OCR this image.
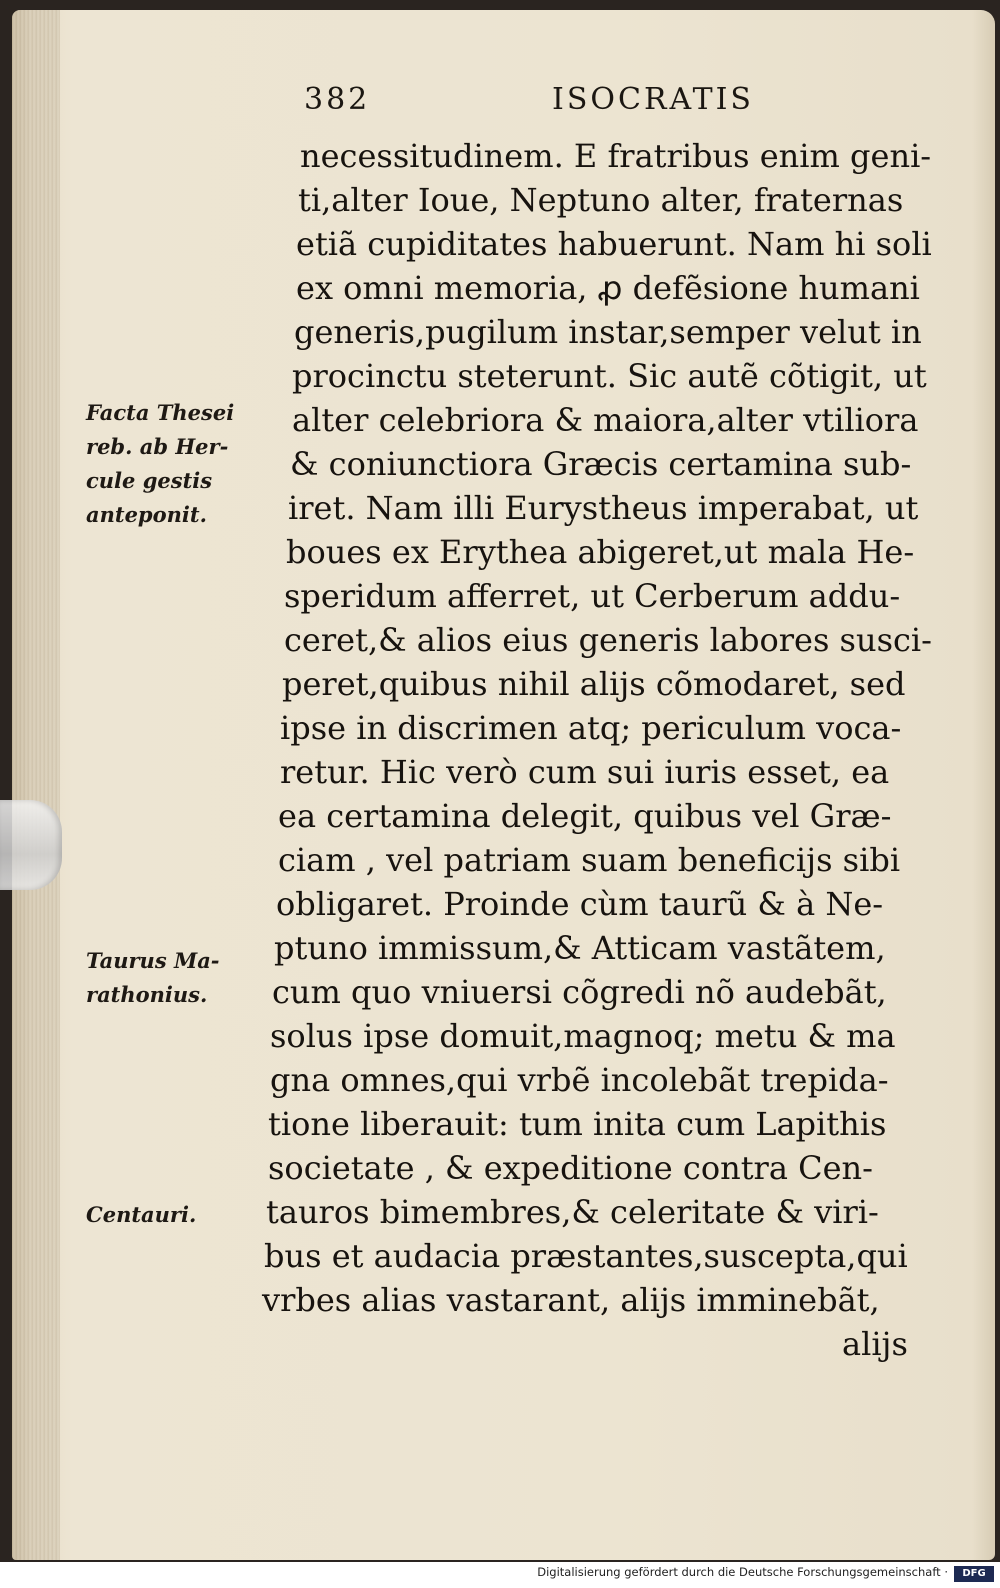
382	ISOCRATIS
necessitudinem. E fratribus enim geni-
ti,alter Ioue, Neptuno alter, fraternas
etiã cupiditates habuerunt. Nam hi soli
ex omni memoria, ꝓ defẽsione humani
generis,pugilum instar,semper velut in
procinctu steterunt. Sic autẽ cõtigit, ut
alter celebriora & maiora,alter vtiliora
& coniunctiora Græcis certamina sub-
iret. Nam illi Eurystheus imperabat, ut
boues ex Erythea abigeret,ut mala He-
speridum afferret, ut Cerberum addu-
ceret,& alios eius generis labores susci-
peret,quibus nihil alijs cõmodaret, sed
ipse in discrimen atq; periculum voca-
retur. Hic verò cum sui iuris esset, ea
ea certamina delegit, quibus vel Græ-
ciam , vel patriam suam beneficijs sibi
obligaret. Proinde cùm taurũ & à Ne-
ptuno immissum,& Atticam vastãtem,
cum quo vniuersi cõgredi nõ audebãt,
solus ipse domuit,magnoq; metu & ma
gna omnes,qui vrbẽ incolebãt trepida-
tione liberauit: tum inita cum Lapithis
societate , & expeditione contra Cen-
tauros bimembres,& celeritate & viri-
bus et audacia præstantes,suscepta,qui
vrbes alias vastarant, alijs imminebãt,
alijs
Facta Thesei
reb. ab Her-
cule gestis
anteponit.
Taurus Ma-
rathonius.
Centauri.
Digitalisierung gefördert durch die Deutsche Forschungsgemeinschaft ·	DFG
